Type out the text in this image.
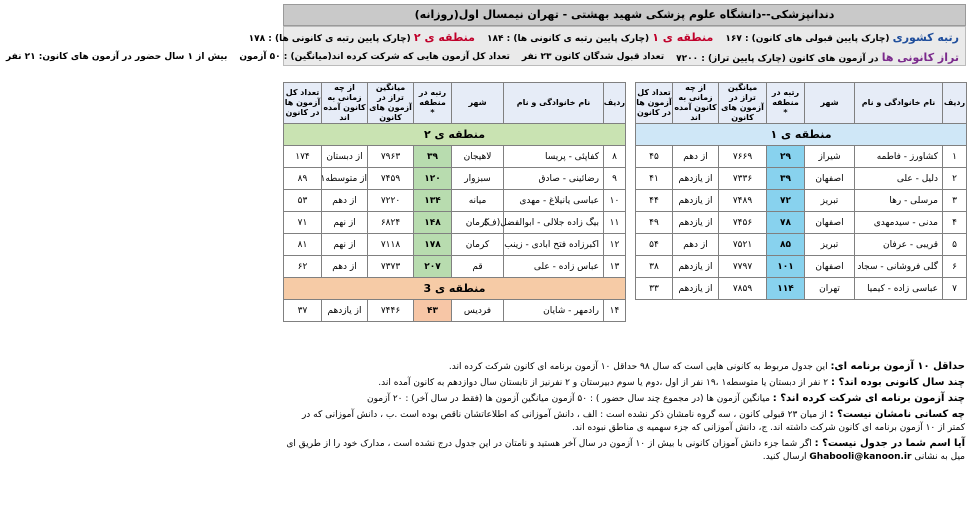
دندانپزشکی--دانشگاه علوم پزشکی شهید بهشتی - تهران نیمسال اول(روزانه)
رتبه کشوری (چارک پایین قبولی های کانون) : ۱۶۷
منطقه ی ۱ (چارک پایین رتبه ی کانونی ها) : ۱۸۴
منطقه ی ۲ (چارک پایین رتبه ی کانونی ها) : ۱۷۸
تراز کانونی ها در آزمون های کانون (چارک پایین تراز) : ۷۲۰۰
تعداد قبول شدگان کانون ۲۳ نفر
تعداد کل آزمون هایی که شرکت کرده اند(میانگین) : ۵۰ آزمون
بیش از ۱ سال حضور در آزمون های کانون: ۲۱ نفر
ردیف	نام خانوادگی و نام	شهر	رتبه در منطقه
*	میانگین تراز در آزمون های کانون	از چه زمانی به کانون آمده اند	تعداد کل آزمون ها در کانون
منطقه ی ۱						
۱	کشاورز - فاطمه	شیراز	۲۹	۷۶۶۹	از دهم	۴۵
۲	دلیل - علی	اصفهان	۳۹	۷۳۳۶	از یازدهم	۴۱
۳	مرسلی - رها	تبریز	۷۲	۷۴۸۹	از یازدهم	۴۴
۴	مدنی - سیدمهدی	اصفهان	۷۸	۷۴۵۶	از یازدهم	۴۹
۵	قریبی - عرفان	تبریز	۸۵	۷۵۲۱	از دهم	۵۴
۶	گلی فروشانی - سجاد	اصفهان	۱۰۱	۷۷۹۷	از یازدهم	۳۸
۷	عباسی زاده - کیمیا	تهران	۱۱۴	۷۸۵۹	از یازدهم	۳۳
ردیف	نام خانوادگی و نام	شهر	رتبه در منطقه
*	میانگین تراز در آزمون های کانون	از چه زمانی به کانون آمده اند	تعداد کل آزمون ها در کانون
منطقه ی ۲						
۸	کفاپئی - پریسا	لاهیجان	۳۹	۷۹۶۳	از دبستان	۱۷۴
۹	رضائینی - صادق	سبزوار	۱۲۰	۷۴۵۹	از متوسطه۱	۸۹
۱۰	عباسی یانیلاغ - مهدی	میانه	۱۳۴	۷۲۲۰	از دهم	۵۳
۱۱	بیگ زاده جلالی - ابوالفضل(ف)	کرمان	۱۴۸	۶۸۲۴	از نهم	۷۱
۱۲	اکبرزاده فتح ابادی - زینب	کرمان	۱۷۸	۷۱۱۸	از نهم	۸۱
۱۳	عباس زاده - علی	قم	۲۰۷	۷۳۷۳	از دهم	۶۲
منطقه ی 3						
۱۴	رادمهر - شایان	فردیس	۴۳	۷۴۴۶	از یازدهم	۳۷

حداقل ۱۰ آزمون برنامه ای: این جدول مربوط به کانونی هایی است که سال ۹۸ حداقل ۱۰ آزمون برنامه ای کانون شرکت کرده اند.

چند سال کانونی بوده اند؟ : ۲ نفر از دبستان یا متوسطه۱ ،۱۹ نفر از اول ،دوم یا سوم دبیرستان و ۲ نفرنیز از تابستان سال دوازدهم به کانون آمده اند.

چند آزمون برنامه ای شرکت کرده اند؟ : میانگین آزمون ها (در مجموع چند سال حضور ) : ۵۰ آزمون میانگین آزمون ها (فقط در سال آخر) : ۲۰ آزمون

چه کسانی نامشان نیست؟ : از میان ۲۳ قبولی کانون ، سه گروه نامشان ذکر نشده است : الف ، دانش آموزانی که اطلاعاتشان ناقص بوده است .ب ، دانش آموزانی که در کمتر از ۱۰ آزمون برنامه ای کانون شرکت داشته اند. ج، دانش آموزانی که جزء سهمیه ی مناطق نبوده اند.

آیا اسم شما در جدول نیست؟ : اگر شما جزء دانش آموزان کانونی با بیش از ۱۰ آزمون در سال آخر هستید و نامتان در این جدول درج نشده است ، مدارک خود را از طریق ای میل به نشانی Ghabooli@kanoon.ir ارسال کنید.
